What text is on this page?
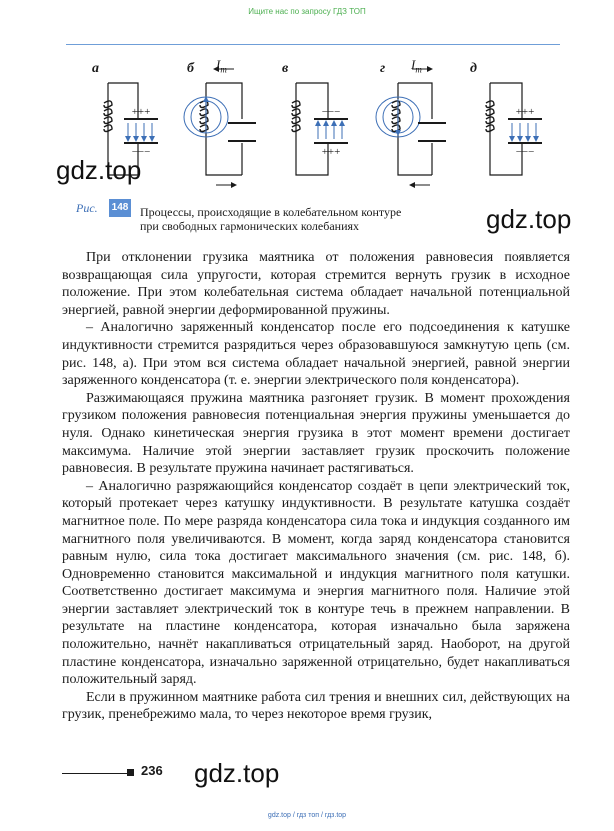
Ищите нас по запросу ГДЗ ТОП
+++
−−−
−−−
+++
+++
−−−
а	б	в	г	д
$I_m$	$I_m$
Рис. 148 Процессы, происходящие в колебательном контуре
при свободных гармонических колебаниях
gdz.top
gdz.top
gdz.top

При отклонении грузика маятника от положения равновесия появляется возвращающая сила упругости, которая стремится вернуть грузик в исходное положение. При этом колебательная система обладает начальной потенциальной энергией, равной энергии деформированной пружины.

– Аналогично заряженный конденсатор после его подсоединения к катушке индуктивности стремится разрядиться через образовавшуюся замкнутую цепь (см. рис. 148, а). При этом вся система обладает начальной энергией, равной энергии заряженного конденсатора (т. е. энергии электрического поля конденсатора).

Разжимающаяся пружина маятника разгоняет грузик. В момент прохождения грузиком положения равновесия потенциальная энергия пружины уменьшается до нуля. Однако кинетическая энергия грузика в этот момент времени достигает максимума. Наличие этой энергии заставляет грузик проскочить положение равновесия. В результате пружина начинает растягиваться.

– Аналогично разряжающийся конденсатор создаёт в цепи электрический ток, который протекает через катушку индуктивности. В результате катушка создаёт магнитное поле. По мере разряда конденсатора сила тока и индукция созданного им магнитного поля увеличиваются. В момент, когда заряд конденсатора становится равным нулю, сила тока достигает максимального значения (см. рис. 148, б). Одновременно становится максимальной и индукция магнитного поля катушки. Соответственно достигает максимума и энергия магнитного поля. Наличие этой энергии заставляет электрический ток в контуре течь в прежнем направлении. В результате на пластине конденсатора, которая изначально была заряжена положительно, начнёт накапливаться отрицательный заряд. Наоборот, на другой пластине конденсатора, изначально заряженной отрицательно, будет накапливаться положительный заряд.

Если в пружинном маятнике работа сил трения и внешних сил, действующих на грузик, пренебрежимо мала, то через некоторое время грузик,

236
gdz.top / гдз топ / гдз.top
